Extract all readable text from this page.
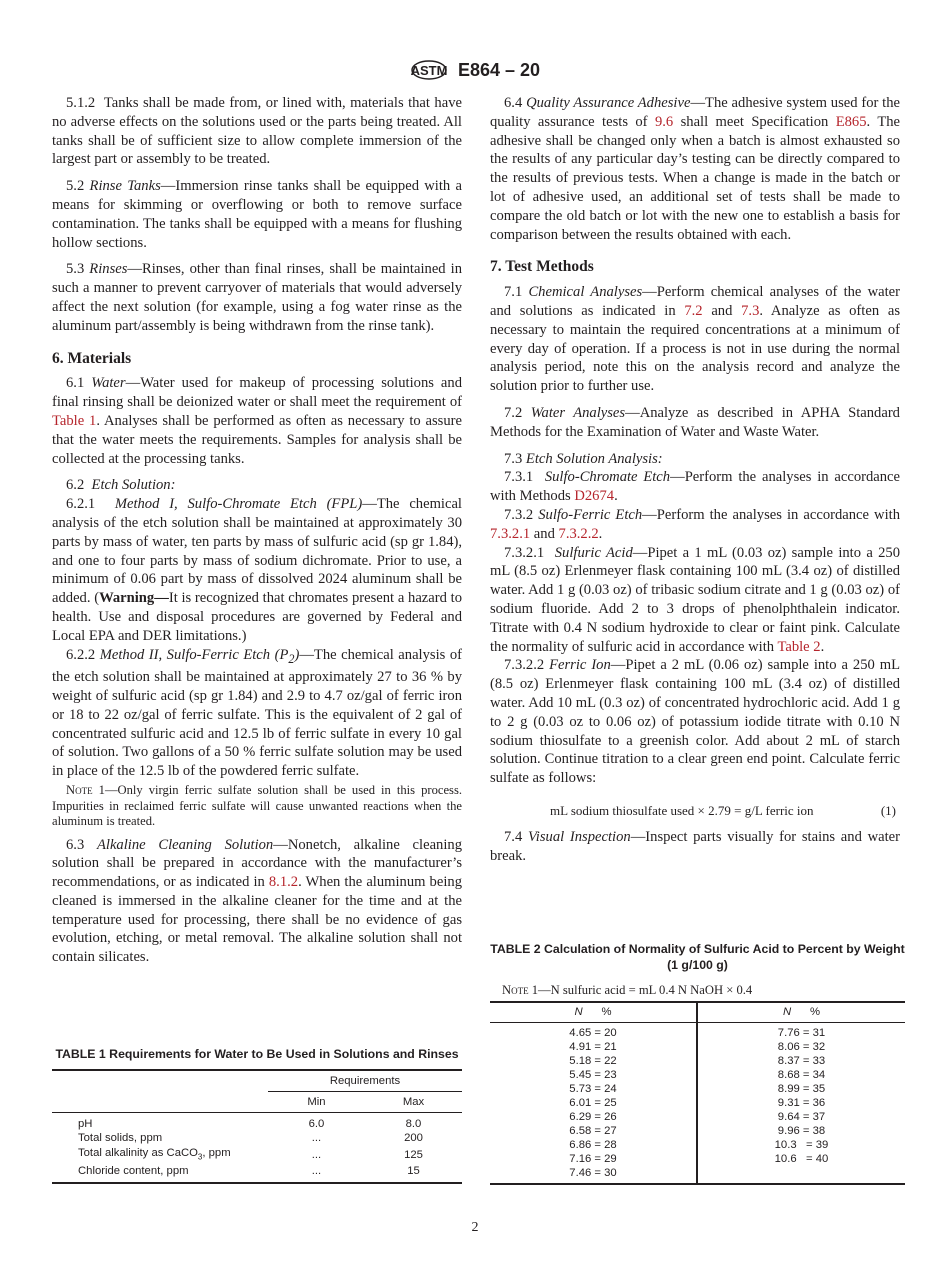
ASTM E864 – 20

5.1.2 Tanks shall be made from, or lined with, materials that have no adverse effects on the solutions used or the parts being treated. All tanks shall be of sufficient size to allow complete immersion of the largest part or assembly to be treated.

5.2 Rinse Tanks—Immersion rinse tanks shall be equipped with a means for skimming or overflowing or both to remove surface contamination. The tanks shall be equipped with a means for flushing hollow sections.

5.3 Rinses—Rinses, other than final rinses, shall be maintained in such a manner to prevent carryover of materials that would adversely affect the next solution (for example, using a fog water rinse as the aluminum part/assembly is being withdrawn from the rinse tank).

6. Materials

6.1 Water—Water used for makeup of processing solutions and final rinsing shall be deionized water or shall meet the requirement of Table 1. Analyses shall be performed as often as necessary to assure that the water meets the requirements. Samples for analysis shall be collected at the processing tanks.

6.2 Etch Solution:

6.2.1 Method I, Sulfo-Chromate Etch (FPL)—The chemical analysis of the etch solution shall be maintained at approximately 30 parts by mass of water, ten parts by mass of sulfuric acid (sp gr 1.84), and one to four parts by mass of sodium dichromate. Prior to use, a minimum of 0.06 part by mass of dissolved 2024 aluminum shall be added. (Warning—It is recognized that chromates present a hazard to health. Use and disposal procedures are governed by Federal and Local EPA and DER limitations.)

6.2.2 Method II, Sulfo-Ferric Etch $(P_2)—The$ chemical analysis of the etch solution shall be maintained at approximately 27 to 36 % by weight of sulfuric acid (sp gr 1.84) and 2.9 to 4.7 oz/gal of ferric iron or 18 to 22 oz/gal of ferric sulfate. This is the equivalent of 2 gal of concentrated sulfuric acid and 12.5 lb of ferric sulfate in every 10 gal of solution. Two gallons of a 50 % ferric sulfate solution may be used in place of the 12.5 lb of the powdered ferric sulfate.

Note 1—Only virgin ferric sulfate solution shall be used in this process. Impurities in reclaimed ferric sulfate will cause unwanted reactions when the aluminum is treated.

6.3 Alkaline Cleaning Solution—Nonetch, alkaline cleaning solution shall be prepared in accordance with the manufacturer’s recommendations, or as indicated in 8.1.2. When the aluminum being cleaned is immersed in the alkaline cleaner for the time and at the temperature used for processing, there shall be no evidence of gas evolution, etching, or metal removal. The alkaline solution shall not contain silicates.

TABLE 1 Requirements for Water to Be Used in Solutions and Rinses
	Requirements	
	Min	Max
pH	6.0	8.0
Total solids, ppm	...	200
Total alkalinity as CaCO$_3$, ppm	...	125
Chloride content, ppm	...	15

6.4 Quality Assurance Adhesive—The adhesive system used for the quality assurance tests of 9.6 shall meet Specification E865. The adhesive shall be changed only when a batch is almost exhausted so the results of any particular day’s testing can be directly compared to the results of previous tests. When a change is made in the batch or lot of adhesive used, an additional set of tests shall be made to compare the old batch or lot with the new one to establish a basis for comparison between the results obtained with each.

7. Test Methods

7.1 Chemical Analyses—Perform chemical analyses of the water and solutions as indicated in 7.2 and 7.3. Analyze as often as necessary to maintain the required concentrations at a minimum of every day of operation. If a process is not in use during the normal analysis period, note this on the analysis record and analyze the solution prior to further use.

7.2 Water Analyses—Analyze as described in APHA Standard Methods for the Examination of Water and Waste Water.

7.3 Etch Solution Analysis:

7.3.1 Sulfo-Chromate Etch—Perform the analyses in accordance with Methods D2674.

7.3.2 Sulfo-Ferric Etch—Perform the analyses in accordance with 7.3.2.1 and 7.3.2.2.

7.3.2.1 Sulfuric Acid—Pipet a 1 mL (0.03 oz) sample into a 250 mL (8.5 oz) Erlenmeyer flask containing 100 mL (3.4 oz) of distilled water. Add 1 g (0.03 oz) of tribasic sodium citrate and 1 g (0.03 oz) of sodium fluoride. Add 2 to 3 drops of phenolphthalein indicator. Titrate with 0.4 N sodium hydroxide to clear or faint pink. Calculate the normality of sulfuric acid in accordance with Table 2.

7.3.2.2 Ferric Ion—Pipet a 2 mL (0.06 oz) sample into a 250 mL (8.5 oz) Erlenmeyer flask containing 100 mL (3.4 oz) of distilled water. Add 10 mL (0.3 oz) of concentrated hydrochloric acid. Add 1 g to 2 g (0.03 oz to 0.06 oz) of potassium iodide titrate with 0.10 N sodium thiosulfate to a greenish color. Add about 2 mL of starch solution. Continue titration to a clear green end point. Calculate ferric sulfate as follows:

mL sodium thiosulfate used × 2.79 = g/L ferric ion	(1)

7.4 Visual Inspection—Inspect parts visually for stains and water break.

TABLE 2 Calculation of Normality of Sulfuric Acid to Percent by Weight (1 g/100 g)
Note 1—N sulfuric acid = mL 0.4 N NaOH × 0.4
N %	N %
4.65 = 20	7.76 = 31
4.91 = 21	8.06 = 32
5.18 = 22	8.37 = 33
5.45 = 23	8.68 = 34
5.73 = 24	8.99 = 35
6.01 = 25	9.31 = 36
6.29 = 26	9.64 = 37
6.58 = 27	9.96 = 38
6.86 = 28	10.3   = 39
7.16 = 29	10.6   = 40
7.46 = 30	
2
